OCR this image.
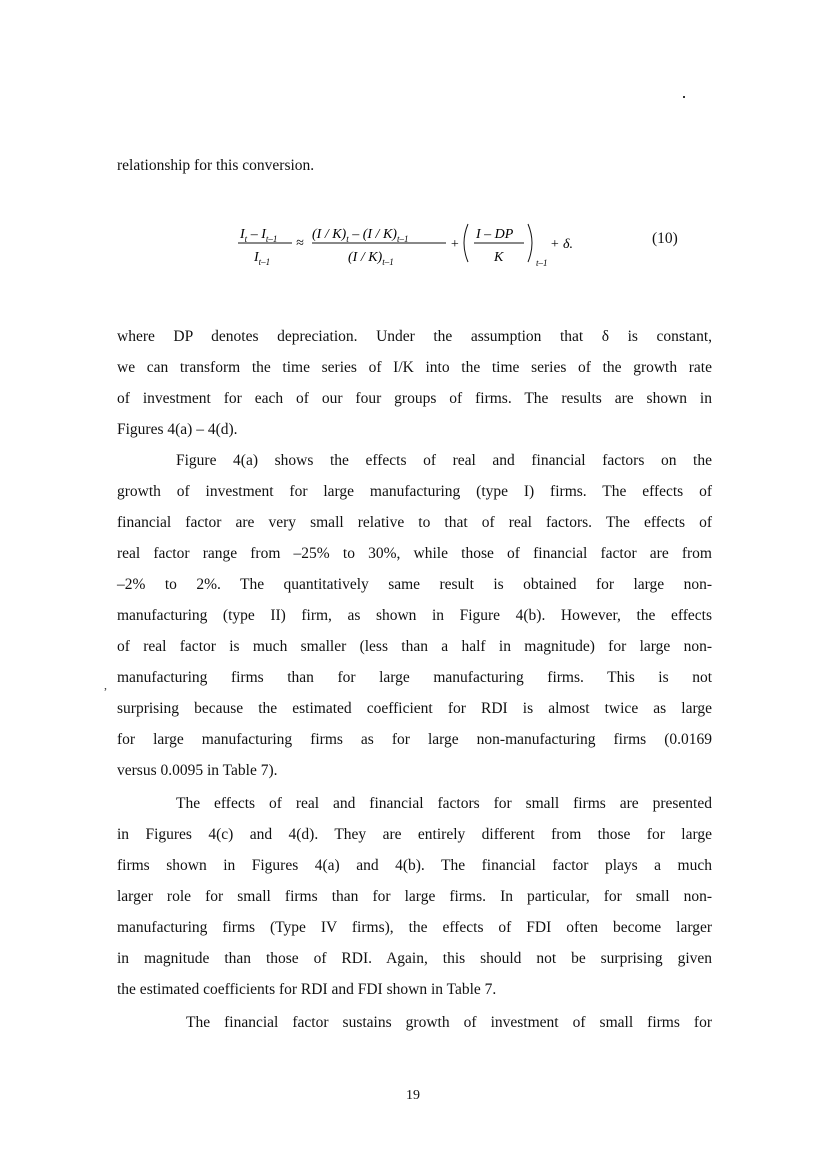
,
relationship for this conversion.
$I_t - I_{t-1}$
$I_{t-1}$
≈
$(I / K)_t - (I / K)_{t-1}$
$(I / K)_{t-1}$
+
I – DP
K	t–1
+ δ.	(10)
where DP denotes depreciation. Under the assumption that δ is constant,
we can transform the time series of I/K into the time series of the growth rate
of investment for each of our four groups of firms. The results are shown in
Figures 4(a) – 4(d).
Figure 4(a) shows the effects of real and financial factors on the
growth of investment for large manufacturing (type I) firms. The effects of
financial factor are very small relative to that of real factors. The effects of
real factor range from –25% to 30%, while those of financial factor are from
–2% to 2%. The quantitatively same result is obtained for large non-
manufacturing (type II) firm, as shown in Figure 4(b). However, the effects
of real factor is much smaller (less than a half in magnitude) for large non-
manufacturing firms than for large manufacturing firms. This is not
surprising because the estimated coefficient for RDI is almost twice as large
for large manufacturing firms as for large non-manufacturing firms (0.0169
versus 0.0095 in Table 7).
The effects of real and financial factors for small firms are presented
in Figures 4(c) and 4(d). They are entirely different from those for large
firms shown in Figures 4(a) and 4(b). The financial factor plays a much
larger role for small firms than for large firms. In particular, for small non-
manufacturing firms (Type IV firms), the effects of FDI often become larger
in magnitude than those of RDI. Again, this should not be surprising given
the estimated coefficients for RDI and FDI shown in Table 7.
The financial factor sustains growth of investment of small firms for
19
